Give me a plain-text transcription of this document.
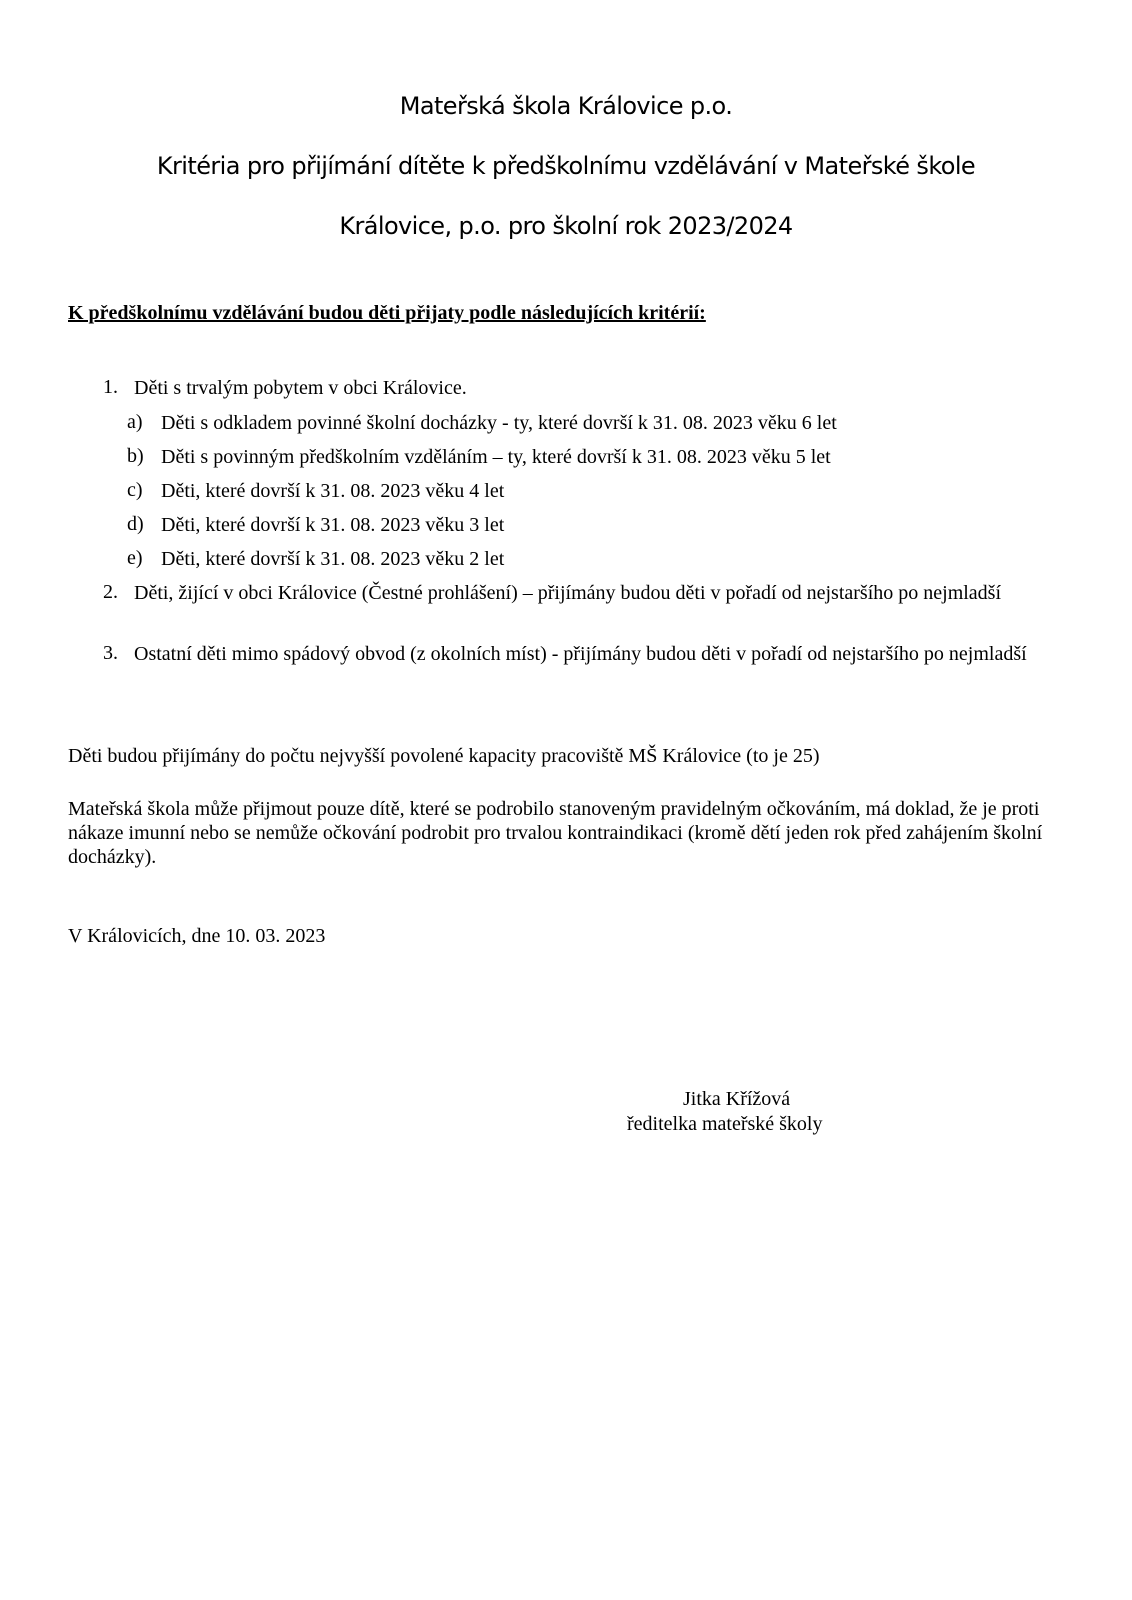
Mateřská škola Královice p.o.
Kritéria pro přijímání dítěte k předškolnímu vzdělávání v Mateřské škole
Královice, p.o. pro školní rok 2023/2024
K předškolnímu vzdělávání budou děti přijaty podle následujících kritérií:
1. Děti s trvalým pobytem v obci Královice.
a) Děti s odkladem povinné školní docházky - ty, které dovrší k 31. 08. 2023 věku 6 let
b) Děti s povinným předškolním vzděláním – ty, které dovrší k 31. 08. 2023 věku 5 let
c) Děti, které dovrší k 31. 08. 2023 věku 4 let
d) Děti, které dovrší k 31. 08. 2023 věku 3 let
e) Děti, které dovrší k 31. 08. 2023 věku 2 let
2. Děti, žijící v obci Královice (Čestné prohlášení) – přijímány budou děti v pořadí od nejstaršího po nejmladší
3. Ostatní děti mimo spádový obvod (z okolních míst) - přijímány budou děti v pořadí od nejstaršího po nejmladší
Děti budou přijímány do počtu nejvyšší povolené kapacity pracoviště MŠ Královice (to je 25)
Mateřská škola může přijmout pouze dítě, které se podrobilo stanoveným pravidelným očkováním, má doklad, že je proti nákaze imunní nebo se nemůže očkování podrobit pro trvalou kontraindikaci (kromě dětí jeden rok před zahájením školní docházky).
V Královicích, dne 10. 03. 2023
Jitka Křížová
ředitelka mateřské školy
